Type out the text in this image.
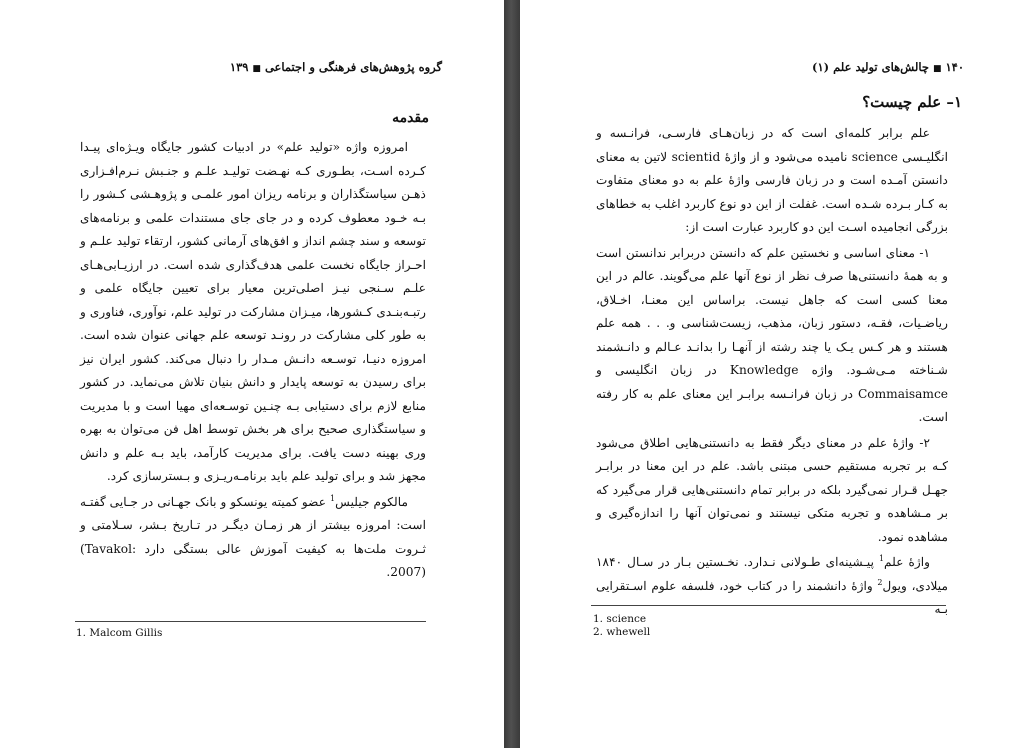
گروه پژوهش‌های فرهنگی و اجتماعی■۱۳۹
مقدمه

امروزه واژه «تولید علم» در ادبیات کشور جایگاه ویـژه‌ای پیـدا کـرده اسـت، بطـوری کـه نهـضت تولیـد علـم و جنـبش نـرم‌افـزاری ذهـن سیاستگذاران و برنامه ریزان امور علمـی و پژوهـشی کـشور را بـه خـود معطوف کرده و در جای جای مستندات علمی و برنامه‌های توسعه و سند چشم انداز و افق‌های آرمانی کشور، ارتقاء تولید علـم و احـراز جایگاه نخست علمی هدف‌گذاری شده است. در ارزیـابی‌هـای علـم سـنجی نیـز اصلی‌ترین معیار برای تعیین جایگاه علمی و رتبـه‌بنـدی کـشورها، میـزان مشارکت در تولید علم، نوآوری، فناوری و به طور کلی مشارکت در رونـد توسعه علم جهانی عنوان شده است. امروزه دنیـا، توسـعه دانـش مـدار را دنبال می‌کند. کشور ایران نیز برای رسیدن به توسعه پایدار و دانش بنیان تلاش می‌نماید. در کشور منابع لازم برای دستیابی بـه چنـین توسـعه‌ای مهیا است و با مدیریت و سیاستگذاری صحیح برای هر بخش توسط اهل فن می‌توان به بهره وری بهینه دست یافت. برای مدیریت کارآمد، باید بـه علم و دانش مجهز شد و برای تولید علم باید برنامـه‌ریـزی و بـسترسازی کرد.

مالکوم جیلیس$^1$ عضو کمیته یونسکو و بانک جهـانی در جـایی گفتـه است: امروزه بیشتر از هر زمـان دیگـر در تـاریخ بـشر، سـلامتی و ثـروت ملت‌ها به کیفیت آموزش عالی بستگی دارد (Tavakol: 2007).

1. Malcom Gillis
۱۴۰■چالش‌های تولید علم (۱)
۱– علم چیست؟

علم برابر کلمه‌ای است که در زبان‌هـای فارسـی، فرانـسه و انگلیـسی science نامیده می‌شود و از واژهٔ scientid لاتین به معنای دانستن آمـده است و در زبان فارسی واژهٔ علم به دو معنای متفاوت به کـار بـرده شـده است. غفلت از این دو نوع کاربرد اغلب به خطاهای بزرگی انجامیده اسـت این دو کاربرد عبارت است از:

۱- معنای اساسی و نخستین علم که دانستن دربرابر ندانستن است و به همهٔ دانستنی‌ها صرف نظر از نوع آنها علم می‌گویند. عالم در این معنا کسی است که جاهل نیست. براساس این معنـا، اخـلاق، ریاضـیات، فقـه، دستور زبان، مذهب، زیست‌شناسی و. . . همه علم هستند و هر کـس یـک یا چند رشته از آنهـا را بدانـد عـالم و دانـشمند شـناخته مـی‌شـود. واژه Knowledge در زبان انگلیسی و Commaisamce در زبان فرانـسه برابـر این معنای علم به کار رفته است.

۲- واژهٔ علم در معنای دیگر فقط به دانستنی‌هایی اطلاق می‌شود کـه بر تجربه مستقیم حسی مبتنی باشد. علم در این معنا در برابـر جهـل قـرار نمی‌گیرد بلکه در برابر تمام دانستنی‌هایی قرار می‌گیرد که بر مـشاهده و تجربه متکی نیستند و نمی‌توان آنها را اندازه‌گیری و مشاهده نمود.

واژهٔ علم$^1$ پیـشینه‌ای طـولانی نـدارد. نخـستین بـار در سـال ۱۸۴۰ میلادی، ویول$^2$ واژهٔ دانشمند را در کتاب خود، فلسفه علوم اسـتقرایی بـه

1. science
2. whewell
